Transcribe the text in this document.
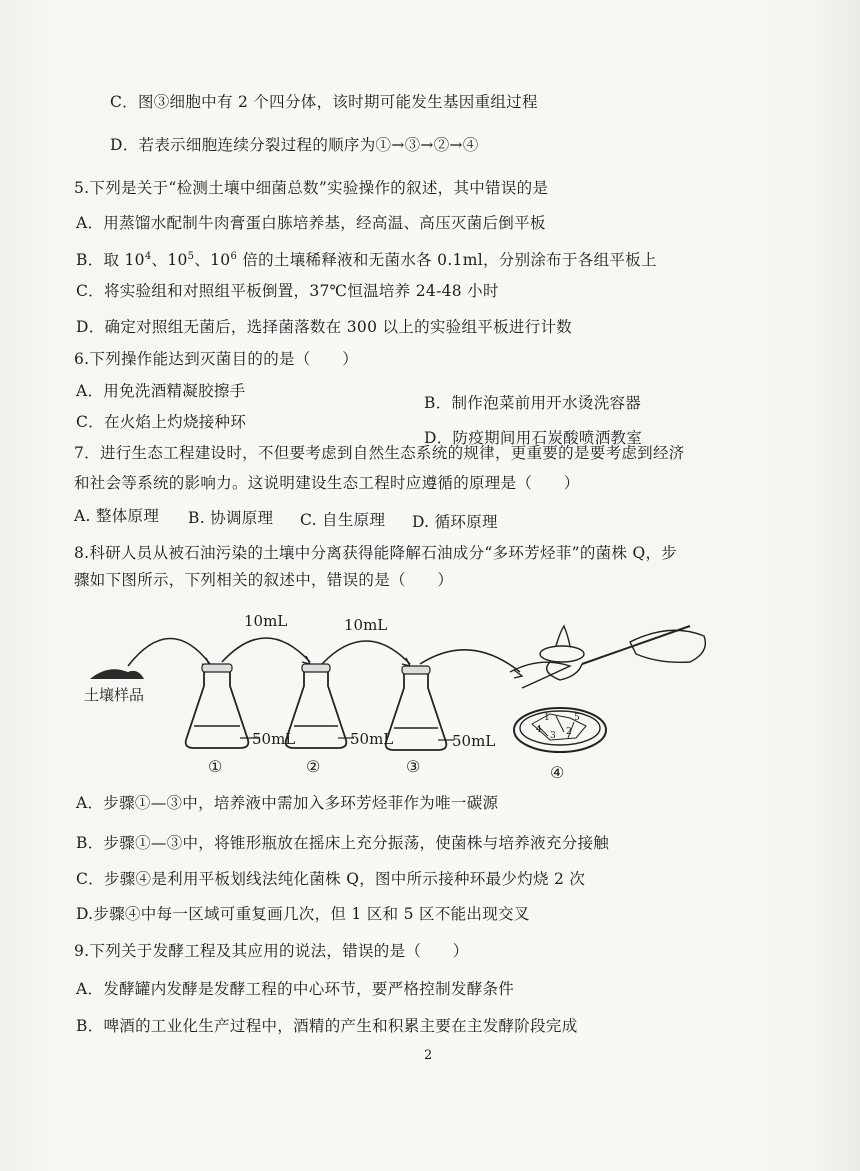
C．图③细胞中有 2 个四分体，该时期可能发生基因重组过程
D．若表示细胞连续分裂过程的顺序为①→③→②→④
5.下列是关于“检测土壤中细菌总数”实验操作的叙述，其中错误的是
A．用蒸馏水配制牛肉膏蛋白胨培养基，经高温、高压灭菌后倒平板
B．取 $10^4$、$10^5$、$10^6$ 倍的土壤稀释液和无菌水各 0.1ml，分别涂布于各组平板上
C．将实验组和对照组平板倒置，37℃恒温培养 24-48 小时
D．确定对照组无菌后，选择菌落数在 300 以上的实验组平板进行计数
6.下列操作能达到灭菌目的的是（　　）
A．用免洗酒精凝胶擦手
B．制作泡菜前用开水烫洗容器
C．在火焰上灼烧接种环
D．防疫期间用石炭酸喷洒教室
7．进行生态工程建设时，不但要考虑到自然生态系统的规律，更重要的是要考虑到经济
和社会等系统的影响力。这说明建设生态工程时应遵循的原理是（　　）
A. 整体原理 B. 协调原理 C. 自生原理 D. 循环原理
8.科研人员从被石油污染的土壤中分离获得能降解石油成分“多环芳烃菲”的菌株 Q，步
骤如下图所示，下列相关的叙述中，错误的是（　　）
土壤样品
10mL	10mL
50mL
①
50mL
②
50mL
③
1
2
3
4
5
④
A．步骤①—③中，培养液中需加入多环芳烃菲作为唯一碳源
B．步骤①—③中，将锥形瓶放在摇床上充分振荡，使菌株与培养液充分接触
C．步骤④是利用平板划线法纯化菌株 Q，图中所示接种环最少灼烧 2 次
D.步骤④中每一区域可重复画几次，但 1 区和 5 区不能出现交叉
9.下列关于发酵工程及其应用的说法，错误的是（　　）
A．发酵罐内发酵是发酵工程的中心环节，要严格控制发酵条件
B．啤酒的工业化生产过程中，酒精的产生和积累主要在主发酵阶段完成
2
